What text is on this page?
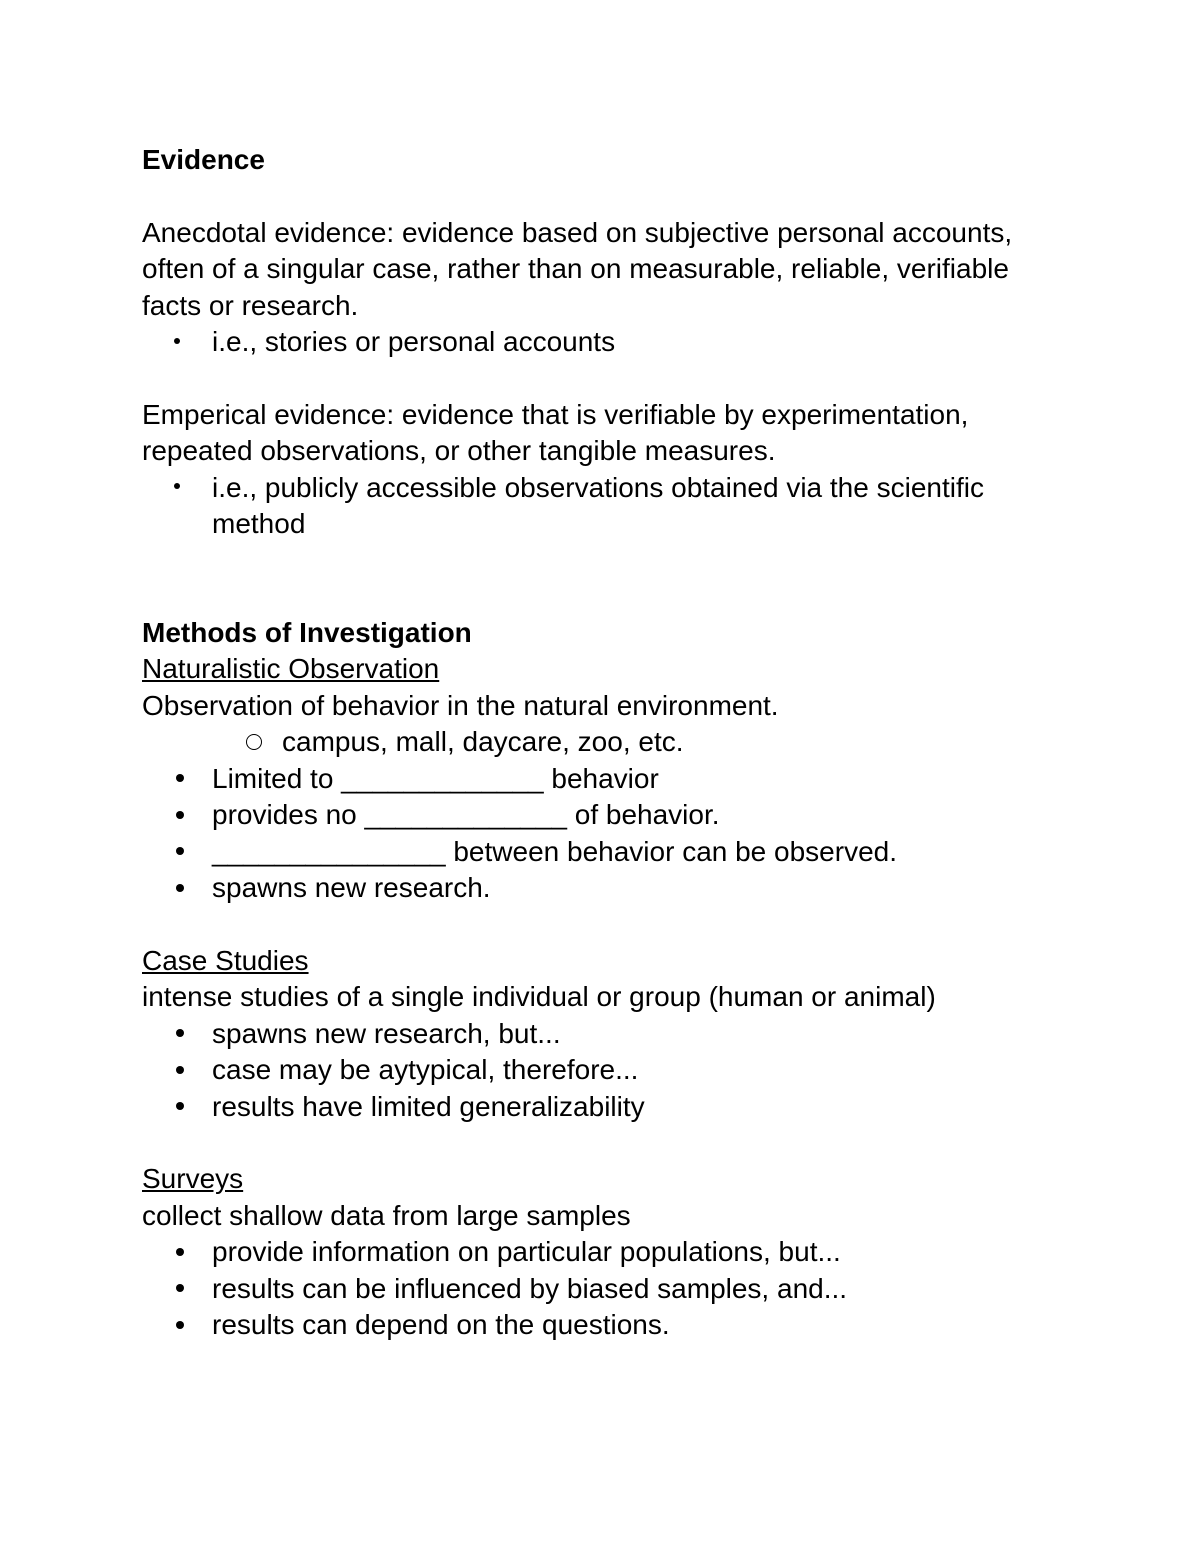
Evidence

Anecdotal evidence: evidence based on subjective personal accounts, often of a singular case, rather than on measurable, reliable, verifiable facts or research.

i.e., stories or personal accounts

Emperical evidence: evidence that is verifiable by experimentation, repeated observations, or other tangible measures.

i.e., publicly accessible observations obtained via the scientific method

Methods of Investigation

Naturalistic Observation

Observation of behavior in the natural environment.

campus, mall, daycare, zoo, etc.
Limited to _____________ behavior
provides no _____________ of behavior.
_______________ between behavior can be observed.
spawns new research.

Case Studies

intense studies of a single individual or group (human or animal)

spawns new research, but...
case may be aytypical, therefore...
results have limited generalizability

Surveys

collect shallow data from large samples

provide information on particular populations, but...
results can be influenced by biased samples, and...
results can depend on the questions.
